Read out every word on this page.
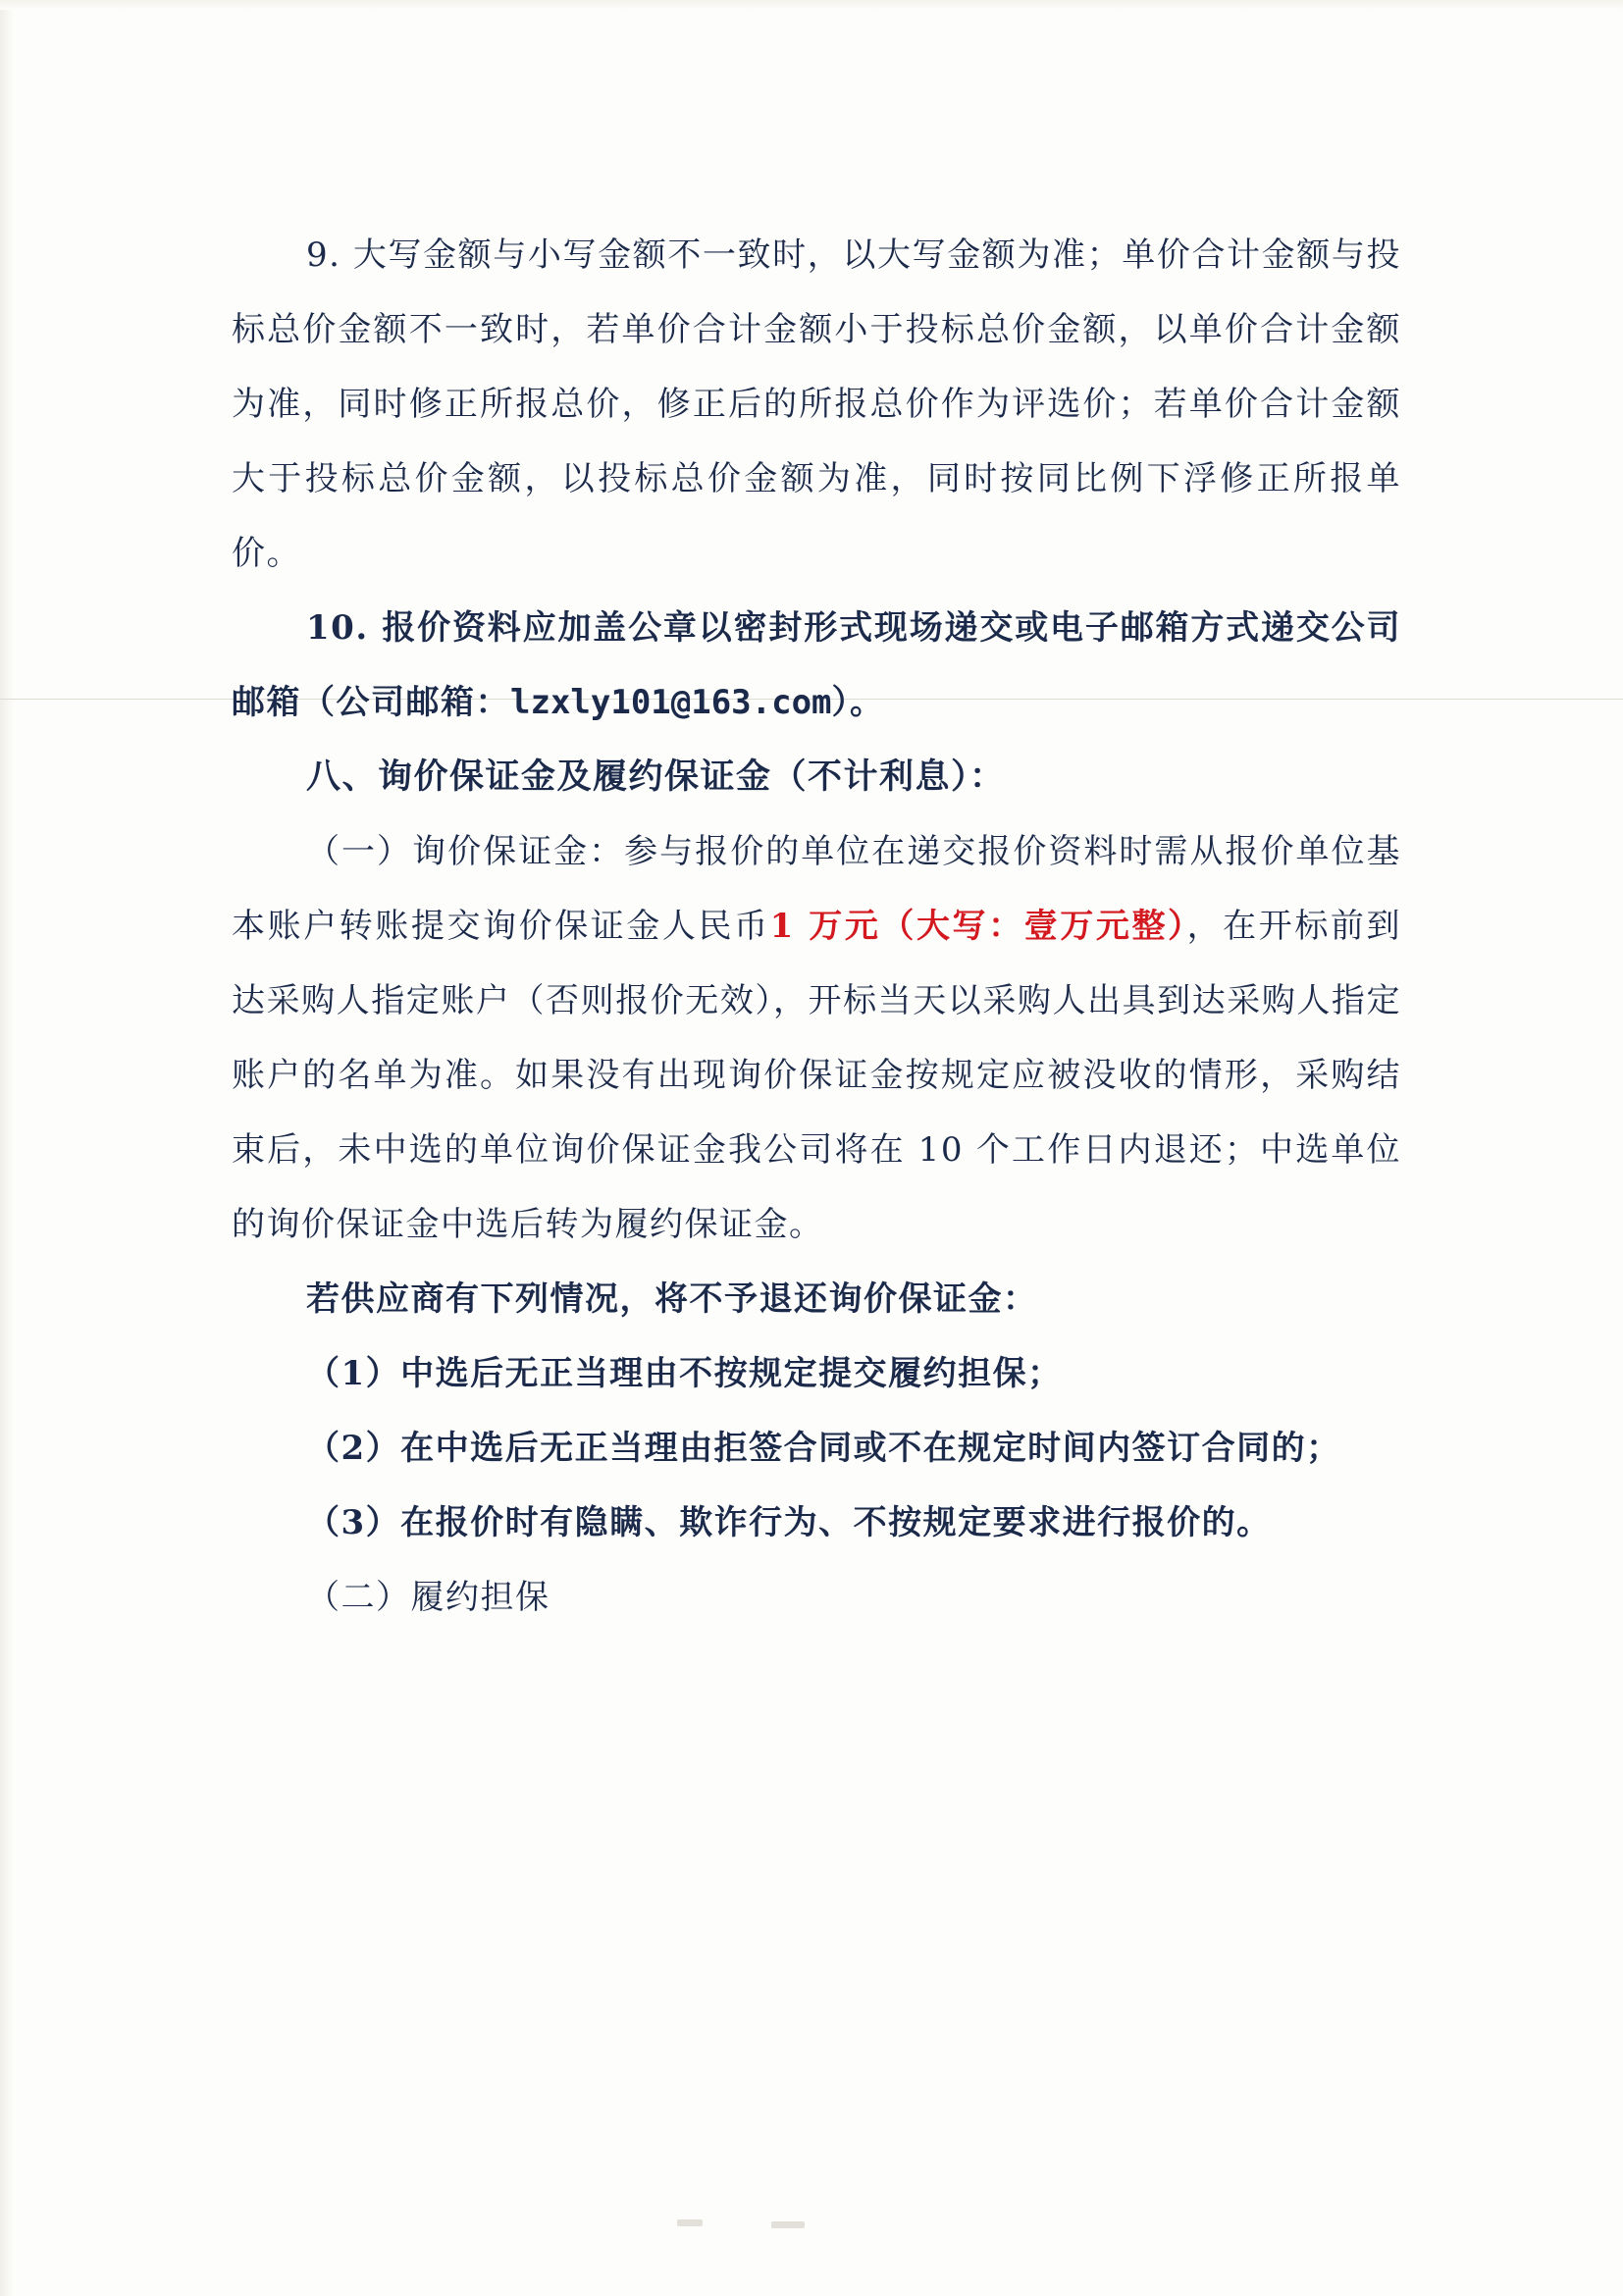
9. 大写金额与小写金额不一致时，以大写金额为准；单价合计金额与投标总价金额不一致时，若单价合计金额小于投标总价金额，以单价合计金额为准，同时修正所报总价，修正后的所报总价作为评选价；若单价合计金额大于投标总价金额，以投标总价金额为准，同时按同比例下浮修正所报单价。

10. 报价资料应加盖公章以密封形式现场递交或电子邮箱方式递交公司邮箱（公司邮箱：lzxly101@163.com）。

八、询价保证金及履约保证金（不计利息）：

（一）询价保证金：参与报价的单位在递交报价资料时需从报价单位基本账户转账提交询价保证金人民币1 万元（大写：壹万元整），在开标前到达采购人指定账户（否则报价无效），开标当天以采购人出具到达采购人指定账户的名单为准。如果没有出现询价保证金按规定应被没收的情形，采购结束后，未中选的单位询价保证金我公司将在 10 个工作日内退还；中选单位的询价保证金中选后转为履约保证金。

若供应商有下列情况，将不予退还询价保证金：

（1）中选后无正当理由不按规定提交履约担保；

（2）在中选后无正当理由拒签合同或不在规定时间内签订合同的；

（3）在报价时有隐瞒、欺诈行为、不按规定要求进行报价的。

（二）履约担保
